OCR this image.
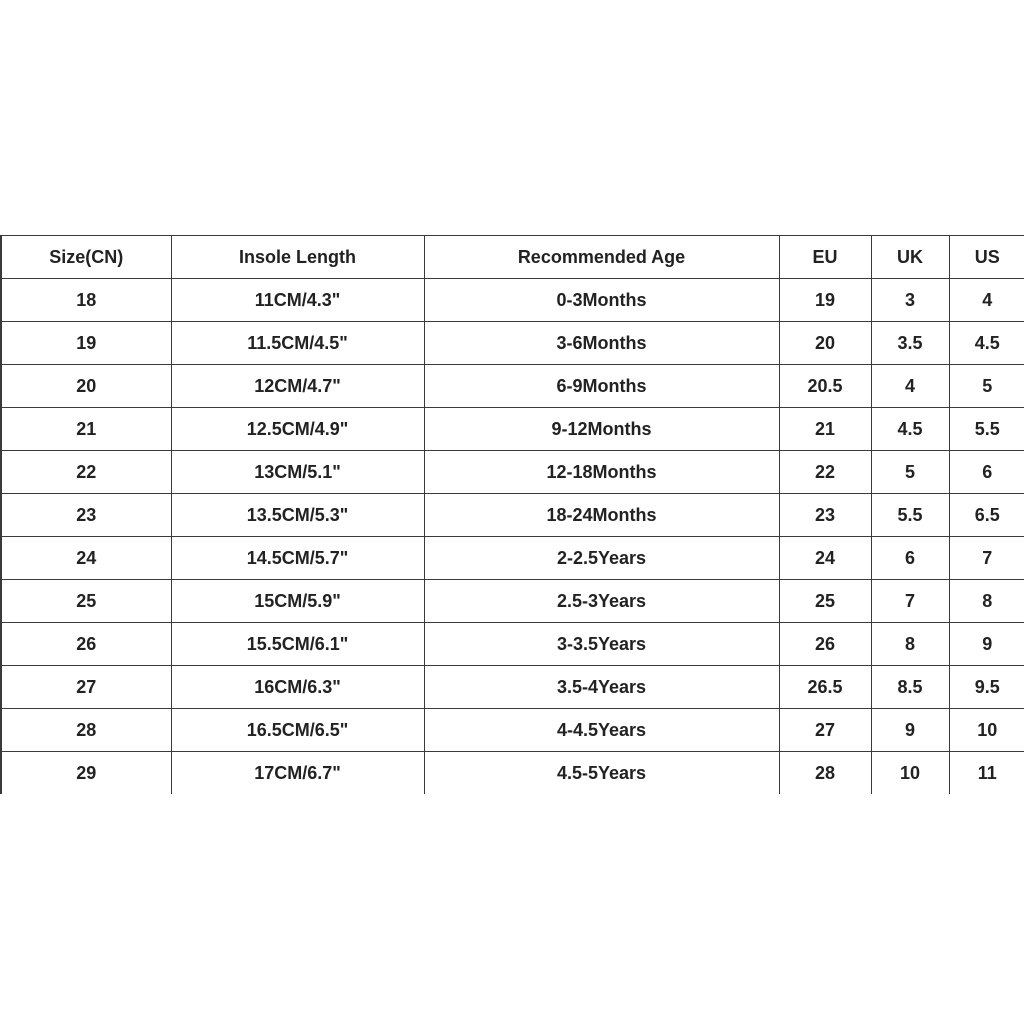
Size(CN)	Insole Length	Recommended Age	EU	UK	US
18	11CM/4.3"	0-3Months	19	3	4
19	11.5CM/4.5"	3-6Months	20	3.5	4.5
20	12CM/4.7"	6-9Months	20.5	4	5
21	12.5CM/4.9"	9-12Months	21	4.5	5.5
22	13CM/5.1"	12-18Months	22	5	6
23	13.5CM/5.3"	18-24Months	23	5.5	6.5
24	14.5CM/5.7"	2-2.5Years	24	6	7
25	15CM/5.9"	2.5-3Years	25	7	8
26	15.5CM/6.1"	3-3.5Years	26	8	9
27	16CM/6.3"	3.5-4Years	26.5	8.5	9.5
28	16.5CM/6.5"	4-4.5Years	27	9	10
29	17CM/6.7"	4.5-5Years	28	10	11
